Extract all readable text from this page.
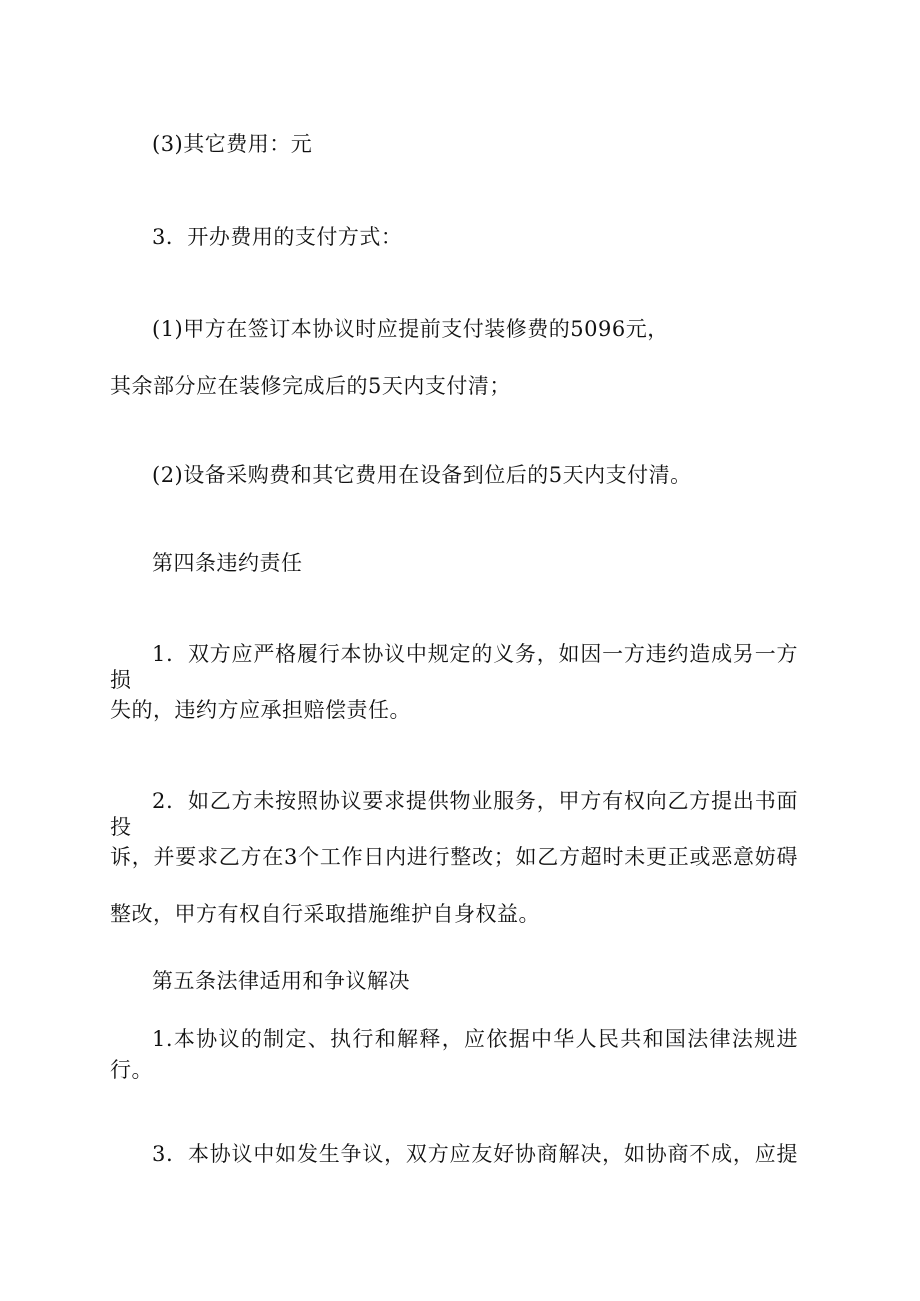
(3)其它费用：元
3．开办费用的支付方式：
(1)甲方在签订本协议时应提前支付装修费的5096元，
其余部分应在装修完成后的5天内支付清；
(2)设备采购费和其它费用在设备到位后的5天内支付清。
第四条违约责任
1．双方应严格履行本协议中规定的义务，如因一方违约造成另一方损
失的，违约方应承担赔偿责任。
2．如乙方未按照协议要求提供物业服务，甲方有权向乙方提出书面投
诉，并要求乙方在3个工作日内进行整改；如乙方超时未更正或恶意妨碍
整改，甲方有权自行采取措施维护自身权益。
第五条法律适用和争议解决
1.本协议的制定、执行和解释，应依据中华人民共和国法律法规进
行。
3．本协议中如发生争议，双方应友好协商解决，如协商不成，应提
